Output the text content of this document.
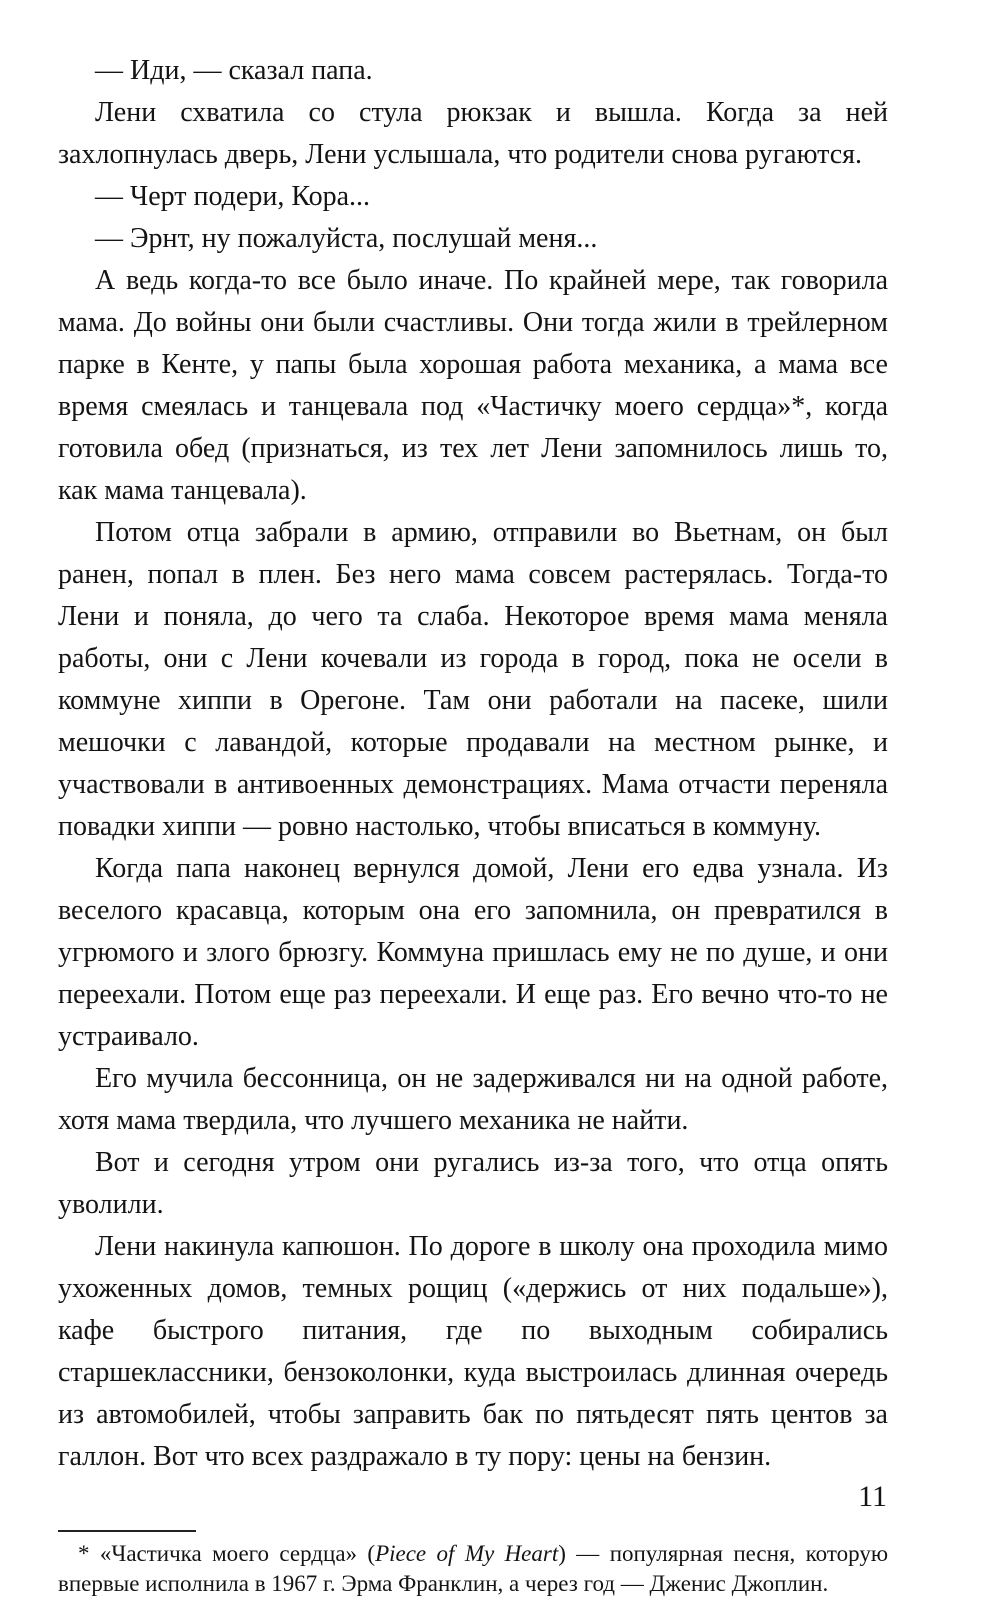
— Иди, — сказал папа.

Лени схватила со стула рюкзак и вышла. Когда за ней захлопнулась дверь, Лени услышала, что родители снова ругаются.

— Черт подери, Кора...

— Эрнт, ну пожалуйста, послушай меня...

А ведь когда-то все было иначе. По крайней мере, так говорила мама. До войны они были счастливы. Они тогда жили в трейлерном парке в Кенте, у папы была хорошая работа механика, а мама все время смеялась и танцевала под «Частичку моего сердца»*, когда готовила обед (признаться, из тех лет Лени запомнилось лишь то, как мама танцевала).

Потом отца забрали в армию, отправили во Вьетнам, он был ранен, попал в плен. Без него мама совсем растерялась. Тогда-то Лени и поняла, до чего та слаба. Некоторое время мама меняла работы, они с Лени кочевали из города в город, пока не осели в коммуне хиппи в Орегоне. Там они работали на пасеке, шили мешочки с лавандой, которые продавали на местном рынке, и участвовали в антивоенных демонстрациях. Мама отчасти переняла повадки хиппи — ровно настолько, чтобы вписаться в коммуну.

Когда папа наконец вернулся домой, Лени его едва узнала. Из веселого красавца, которым она его запомнила, он превратился в угрюмого и злого брюзгу. Коммуна пришлась ему не по душе, и они переехали. Потом еще раз переехали. И еще раз. Его вечно что-то не устраивало.

Его мучила бессонница, он не задерживался ни на одной работе, хотя мама твердила, что лучшего механика не найти.

Вот и сегодня утром они ругались из-за того, что отца опять уволили.

Лени накинула капюшон. По дороге в школу она проходила мимо ухоженных домов, темных рощиц («держись от них подальше»), кафе быстрого питания, где по выходным собирались старшеклассники, бензоколонки, куда выстроилась длинная очередь из автомобилей, чтобы заправить бак по пятьдесят пять центов за галлон. Вот что всех раздражало в ту пору: цены на бензин.

* «Частичка моего сердца» (Piece of My Heart) — популярная песня, которую впервые исполнила в 1967 г. Эрма Франклин, а через год — Дженис Джоплин.
11
